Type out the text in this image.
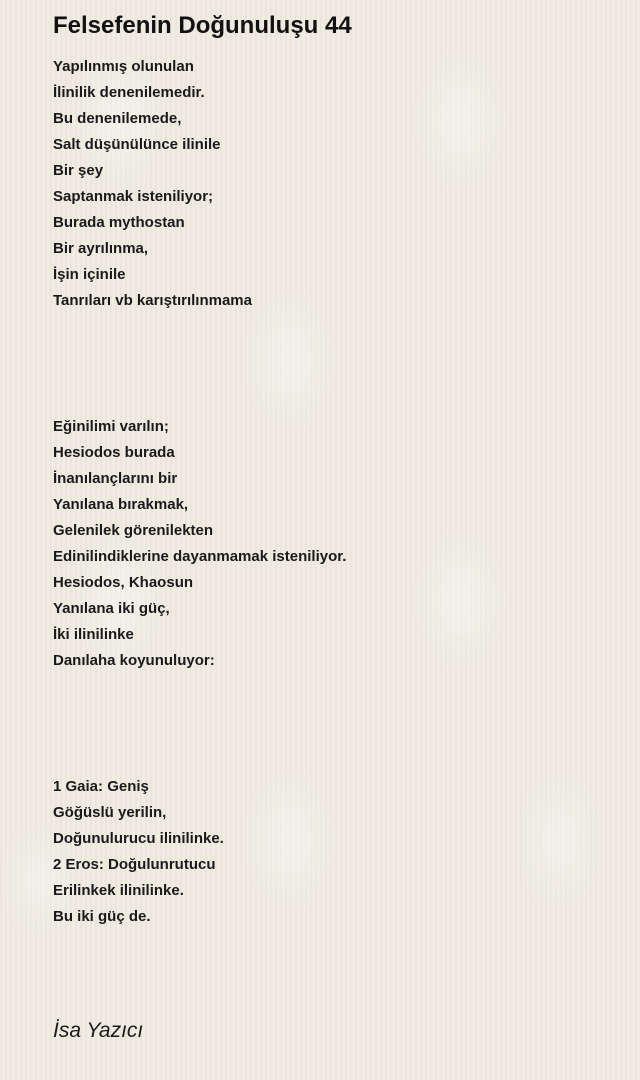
Felsefenin Doğunuluşu 44
Yapılınmış olunulan
İlinilik denenilemedir.
Bu denenilemede,
Salt düşünülünce ilinile
Bir şey
Saptanmak isteniliyor;
Burada mythostan
Bir ayrılınma,
İşin içinile
Tanrıları vb karıştırılınmama
Eğinilimi varılın;
Hesiodos burada
İnanılançlarını bir
Yanılana bırakmak,
Gelenilek görenilekten
Edinilindiklerine dayanmamak isteniliyor.
Hesiodos, Khaosun
Yanılana iki güç,
İki ilinilinke
Danılaha koyunuluyor:
1 Gaia: Geniş
Göğüslü yerilin,
Doğunulurucu ilinilinke.
2 Eros: Doğulunrutucu
Erilinkek ilinilinke.
Bu iki güç de.
İsa Yazıcı
